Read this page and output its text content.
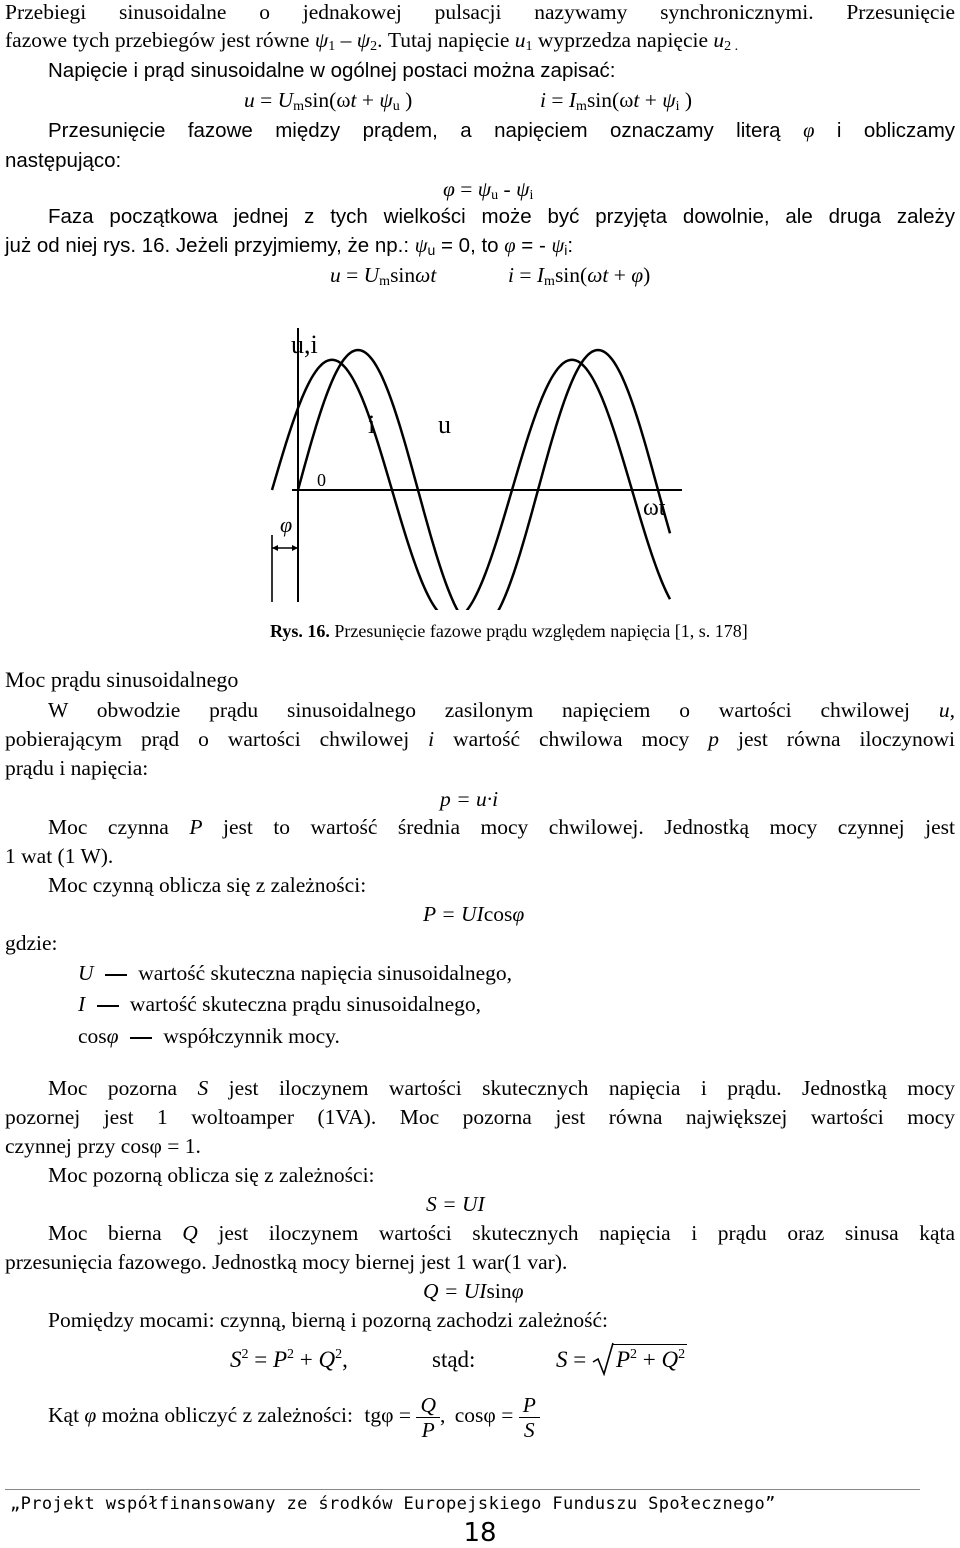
Przebiegi sinusoidalne o jednakowej pulsacji nazywamy synchronicznymi. Przesunięcie
fazowe tych przebiegów jest równe $\psi_1 - \psi_2$. Tutaj napięcie $u_1$ wyprzedza napięcie $u_{2 .}$
Napięcie i prąd sinusoidalne w ogólnej postaci można zapisać:
$u = U_m\sin(\omega t + \psi_u$ )	$i = I_m\sin(\omega t + \psi_i$ )
Przesunięcie fazowe między prądem, a napięciem oznaczamy literą φ i obliczamy
następująco:
$\varphi = \psi_u - \psi_i$
Faza początkowa jednej z tych wielkości może być przyjęta dowolnie, ale druga zależy
już od niej rys. 16. Jeżeli przyjmiemy, że np.: $\psi_u = 0$, to φ = - $\psi_i$:
$u = U_m\sin\omega t$	$i = I_m\sin(\omega t + \varphi)$
u,i
i u
0
φ
ωt
Rys. 16. Przesunięcie fazowe prądu względem napięcia [1, s. 178]
Moc prądu sinusoidalnego
W obwodzie prądu sinusoidalnego zasilonym napięciem o wartości chwilowej u,
pobierającym prąd o wartości chwilowej i wartość chwilowa mocy p jest równa iloczynowi
prądu i napięcia:
p = u·i
Moc czynna P jest to wartość średnia mocy chwilowej. Jednostką mocy czynnej jest
1 wat (1 W).
Moc czynną oblicza się z zależności:
P = UIcosφ
gdzie:
U wartość skuteczna napięcia sinusoidalnego,
I wartość skuteczna prądu sinusoidalnego,
cosφ współczynnik mocy.
Moc pozorna S jest iloczynem wartości skutecznych napięcia i prądu. Jednostką mocy
pozornej jest 1 woltoamper (1VA). Moc pozorna jest równa największej wartości mocy
czynnej przy cosφ = 1.
Moc pozorną oblicza się z zależności:
S = UI
Moc bierna Q jest iloczynem wartości skutecznych napięcia i prądu oraz sinusa kąta
przesunięcia fazowego. Jednostką mocy biernej jest 1 war(1 var).
Q = UIsinφ
Pomiędzy mocami: czynną, bierną i pozorną zachodzi zależność:
$S^2 = P^2 + Q^2$,	stąd:	S =
$P^2 + Q^2$
Kąt φ można obliczyć z zależności: $tg\varphi = \frac{Q}{P}$ , $\cos\varphi = \frac{P}{S}$
„Projekt współfinansowany ze środków Europejskiego Funduszu Społecznego”
18
